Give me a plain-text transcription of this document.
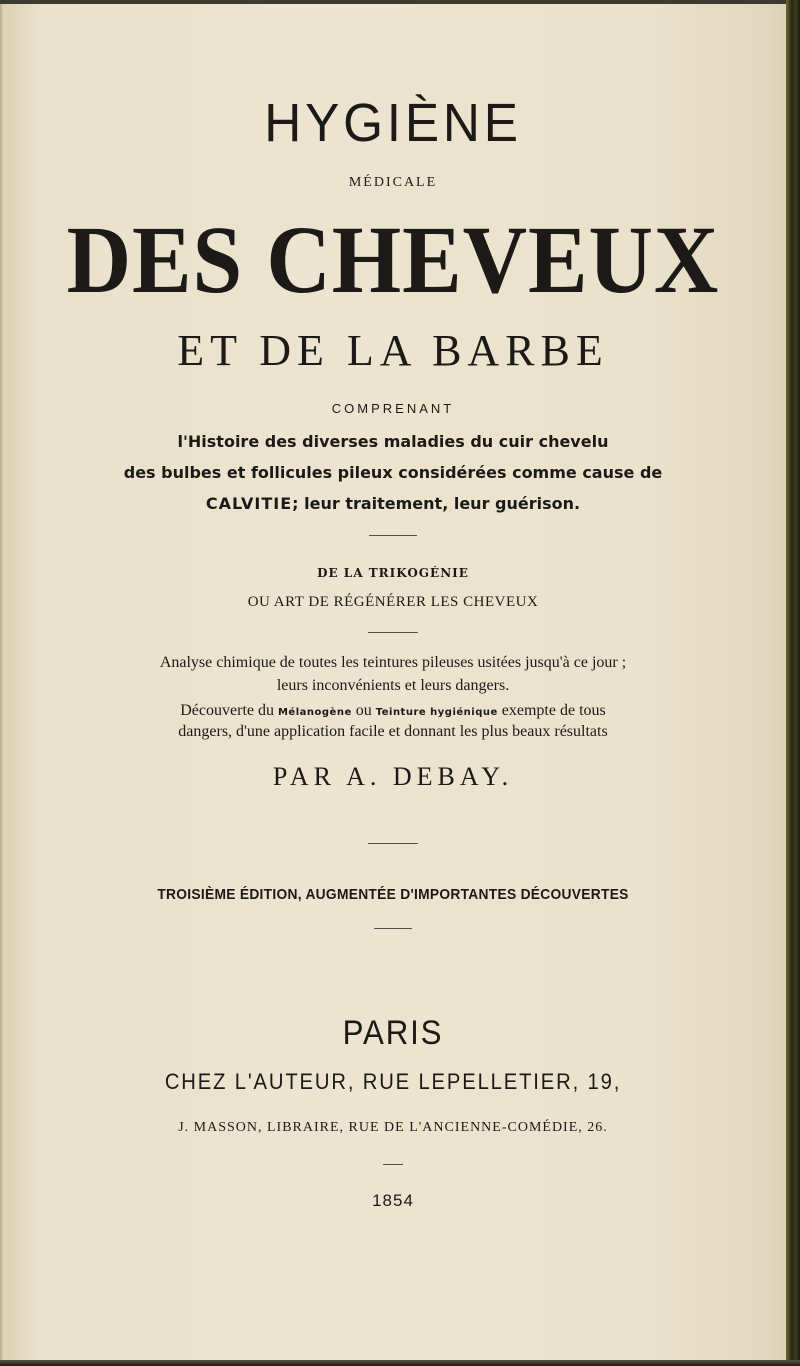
HYGIÈNE
MÉDICALE
DES CHEVEUX
ET DE LA BARBE
COMPRENANT
l'Histoire des diverses maladies du cuir chevelu
des bulbes et follicules pileux considérées comme cause de
CALVITIE; leur traitement, leur guérison.
DE LA TRIKOGÉNIE
OU ART DE RÉGÉNÉRER LES CHEVEUX
Analyse chimique de toutes les teintures pileuses usitées jusqu'à ce jour ;
leurs inconvénients et leurs dangers.
Découverte du Mélanogène ou Teinture hygiénique exempte de tous
dangers, d'une application facile et donnant les plus beaux résultats
PAR A. DEBAY.
TROISIÈME ÉDITION, AUGMENTÉE D'IMPORTANTES DÉCOUVERTES
PARIS
CHEZ L'AUTEUR, RUE LEPELLETIER, 19,
J. MASSON, LIBRAIRE, RUE DE L'ANCIENNE-COMÉDIE, 26.
1854
